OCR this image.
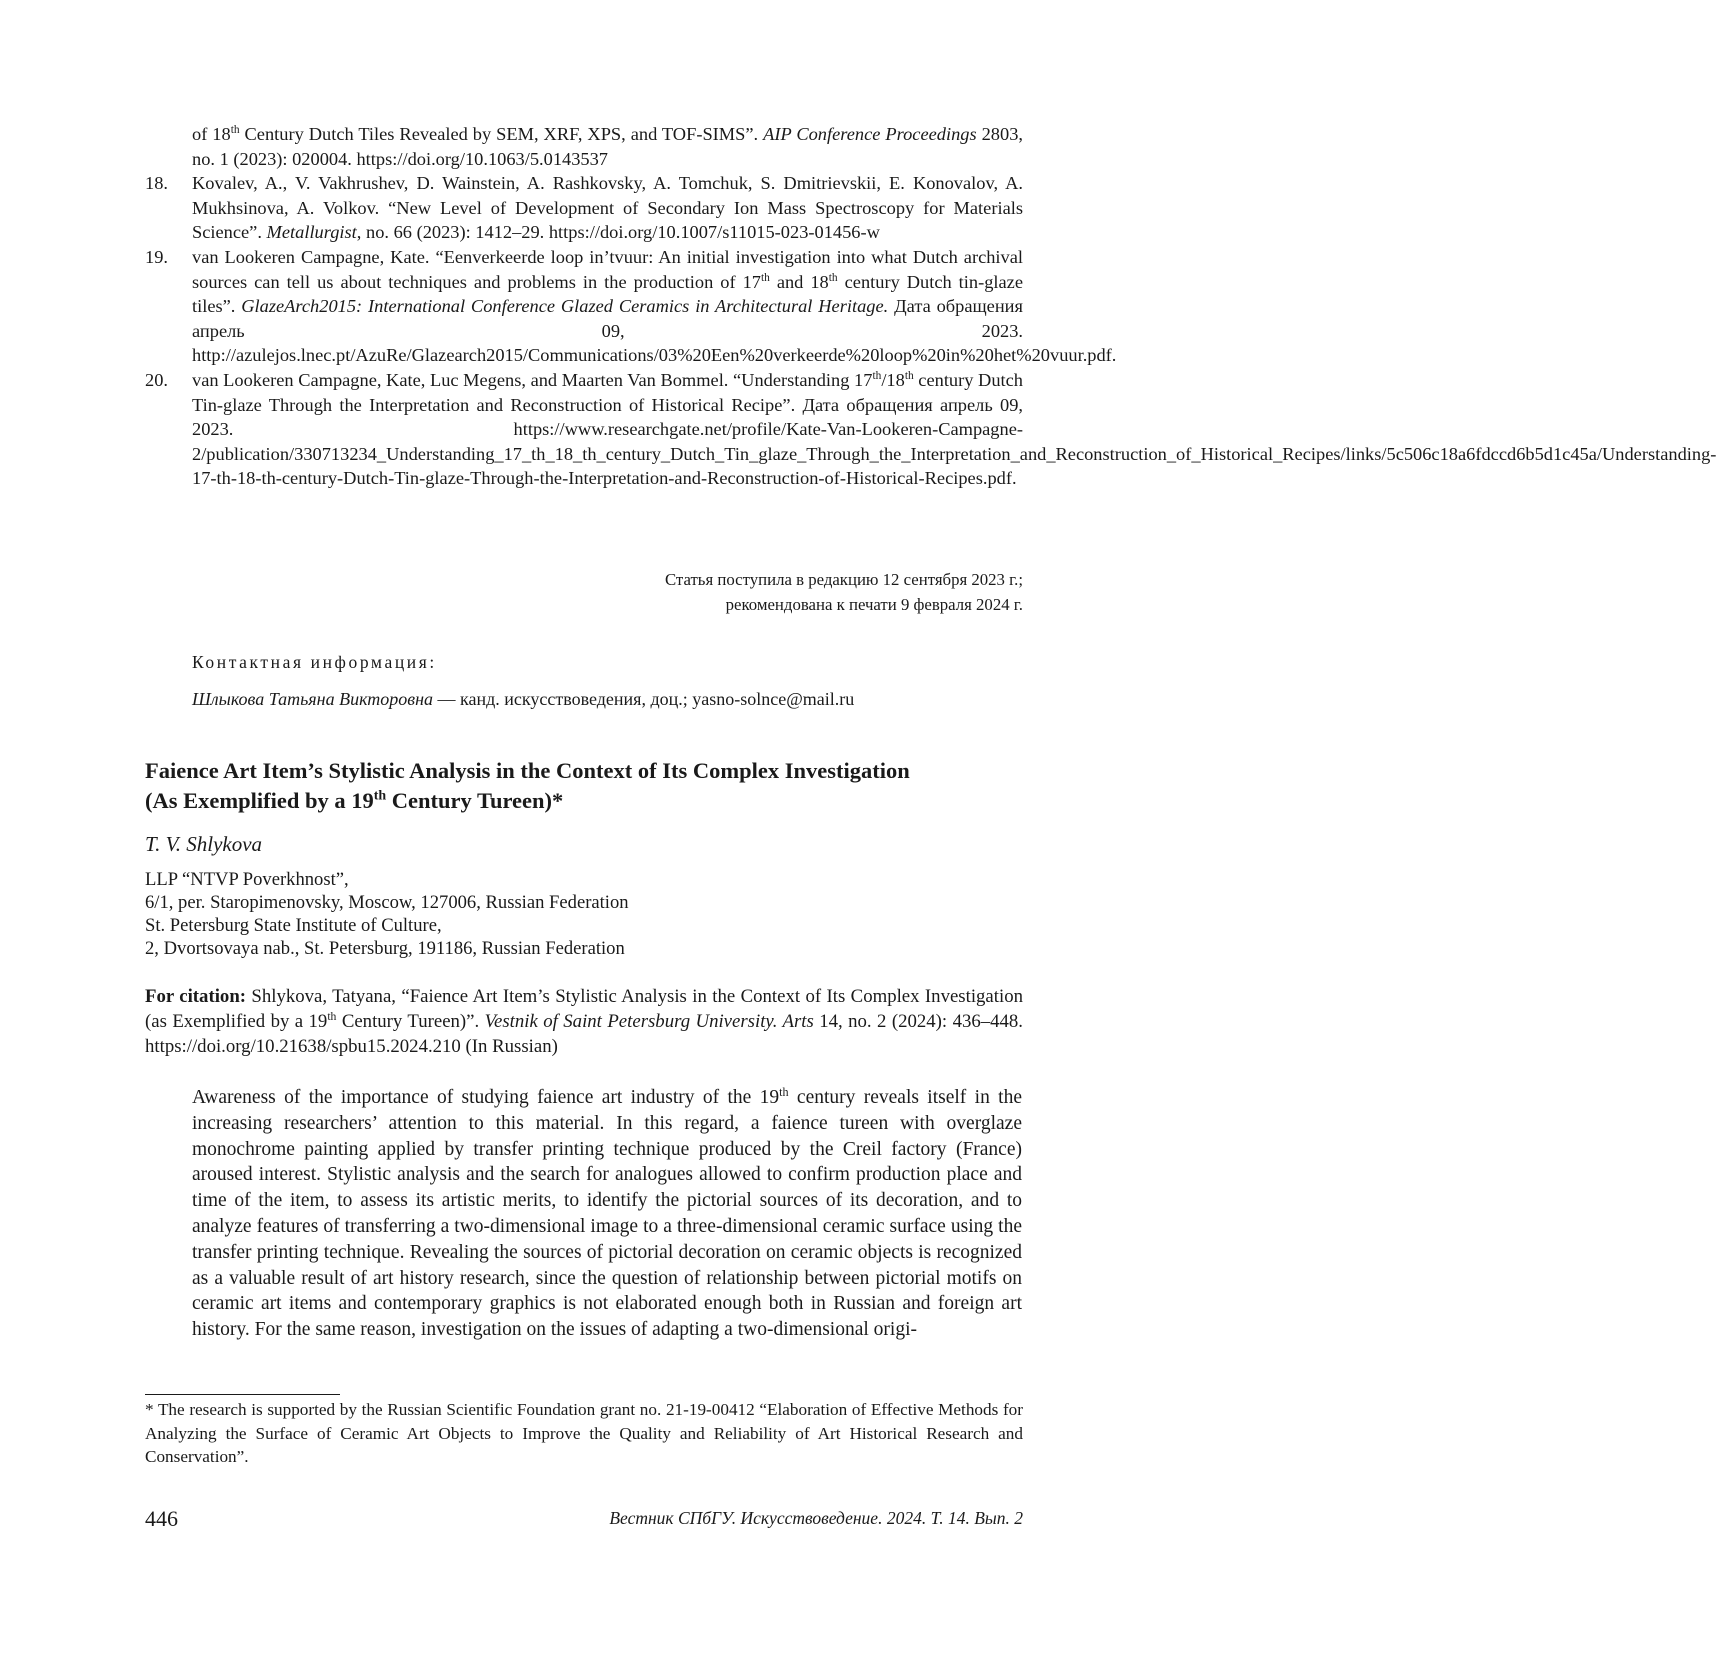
of 18th Century Dutch Tiles Revealed by SEM, XRF, XPS, and TOF-SIMS”. AIP Conference Proceedings 2803, no. 1 (2023): 020004. https://doi.org/10.1063/5.0143537

18. Kovalev, A., V. Vakhrushev, D. Wainstein, A. Rashkovsky, A. Tomchuk, S. Dmitrievskii, E. Konovalov, A. Mukhsinova, A. Volkov. “New Level of Development of Secondary Ion Mass Spectroscopy for Materials Science”. Metallurgist, no. 66 (2023): 1412–29. https://doi.org/10.1007/s11015-023-01456-w

19. van Lookeren Campagne, Kate. “Eenverkeerde loop in’tvuur: An initial investigation into what Dutch archival sources can tell us about techniques and problems in the production of 17th and 18th century Dutch tin-glaze tiles”. GlazeArch2015: International Conference Glazed Ceramics in Architectural Heritage. Дата обращения апрель 09, 2023. http://azulejos.lnec.pt/AzuRe/Glazearch2015/Communications/03%20Een%20verkeerde%20loop%20in%20het%20vuur.pdf.

20. van Lookeren Campagne, Kate, Luc Megens, and Maarten Van Bommel. “Understanding 17th/18th century Dutch Tin-glaze Through the Interpretation and Reconstruction of Historical Recipe”. Дата обращения апрель 09, 2023. https://www.researchgate.net/profile/Kate-Van-Lookeren-Campagne-2/publication/330713234_Understanding_17_th_18_th_century_Dutch_Tin_glaze_Through_the_Interpretation_and_Reconstruction_of_Historical_Recipes/links/5c506c18a6fdccd6b5d1c45a/Understanding-17-th-18-th-century-Dutch-Tin-glaze-Through-the-Interpretation-and-Reconstruction-of-Historical-Recipes.pdf.

Статья поступила в редакцию 12 сентября 2023 г.;

рекомендована к печати 9 февраля 2024 г.

Контактная информация:

Шлыкова Татьяна Викторовна — канд. искусствоведения, доц.; yasno-solnce@mail.ru

Faience Art Item’s Stylistic Analysis in the Context of Its Complex Investigation

(As Exemplified by a 19th Century Tureen)*

T. V. Shlykova

LLP “NTVP Poverkhnost”,

6/1, per. Staropimenovsky, Moscow, 127006, Russian Federation

St. Petersburg State Institute of Culture,

2, Dvortsovaya nab., St. Petersburg, 191186, Russian Federation

For citation: Shlykova, Tatyana, “Faience Art Item’s Stylistic Analysis in the Context of Its Complex Investigation (as Exemplified by a 19th Century Tureen)”. Vestnik of Saint Petersburg University. Arts 14, no. 2 (2024): 436–448. https://doi.org/10.21638/spbu15.2024.210 (In Russian)

Awareness of the importance of studying faience art industry of the 19th century reveals itself in the increasing researchers’ attention to this material. In this regard, a faience tureen with overglaze monochrome painting applied by transfer printing technique produced by the Creil factory (France) aroused interest. Stylistic analysis and the search for analogues allowed to confirm production place and time of the item, to assess its artistic merits, to identify the pictorial sources of its decoration, and to analyze features of transferring a two-dimensional image to a three-dimensional ceramic surface using the transfer printing technique. Revealing the sources of pictorial decoration on ceramic objects is recognized as a valuable result of art history research, since the question of relationship between pictorial motifs on ceramic art items and contemporary graphics is not elaborated enough both in Russian and foreign art history. For the same reason, investigation on the issues of adapting a two-dimensional origi-

* The research is supported by the Russian Scientific Foundation grant no. 21-19-00412 “Elaboration of Effective Methods for Analyzing the Surface of Ceramic Art Objects to Improve the Quality and Reliability of Art Historical Research and Conservation”.

446	Вестник СПбГУ. Искусствоведение. 2024. Т. 14. Вып. 2
